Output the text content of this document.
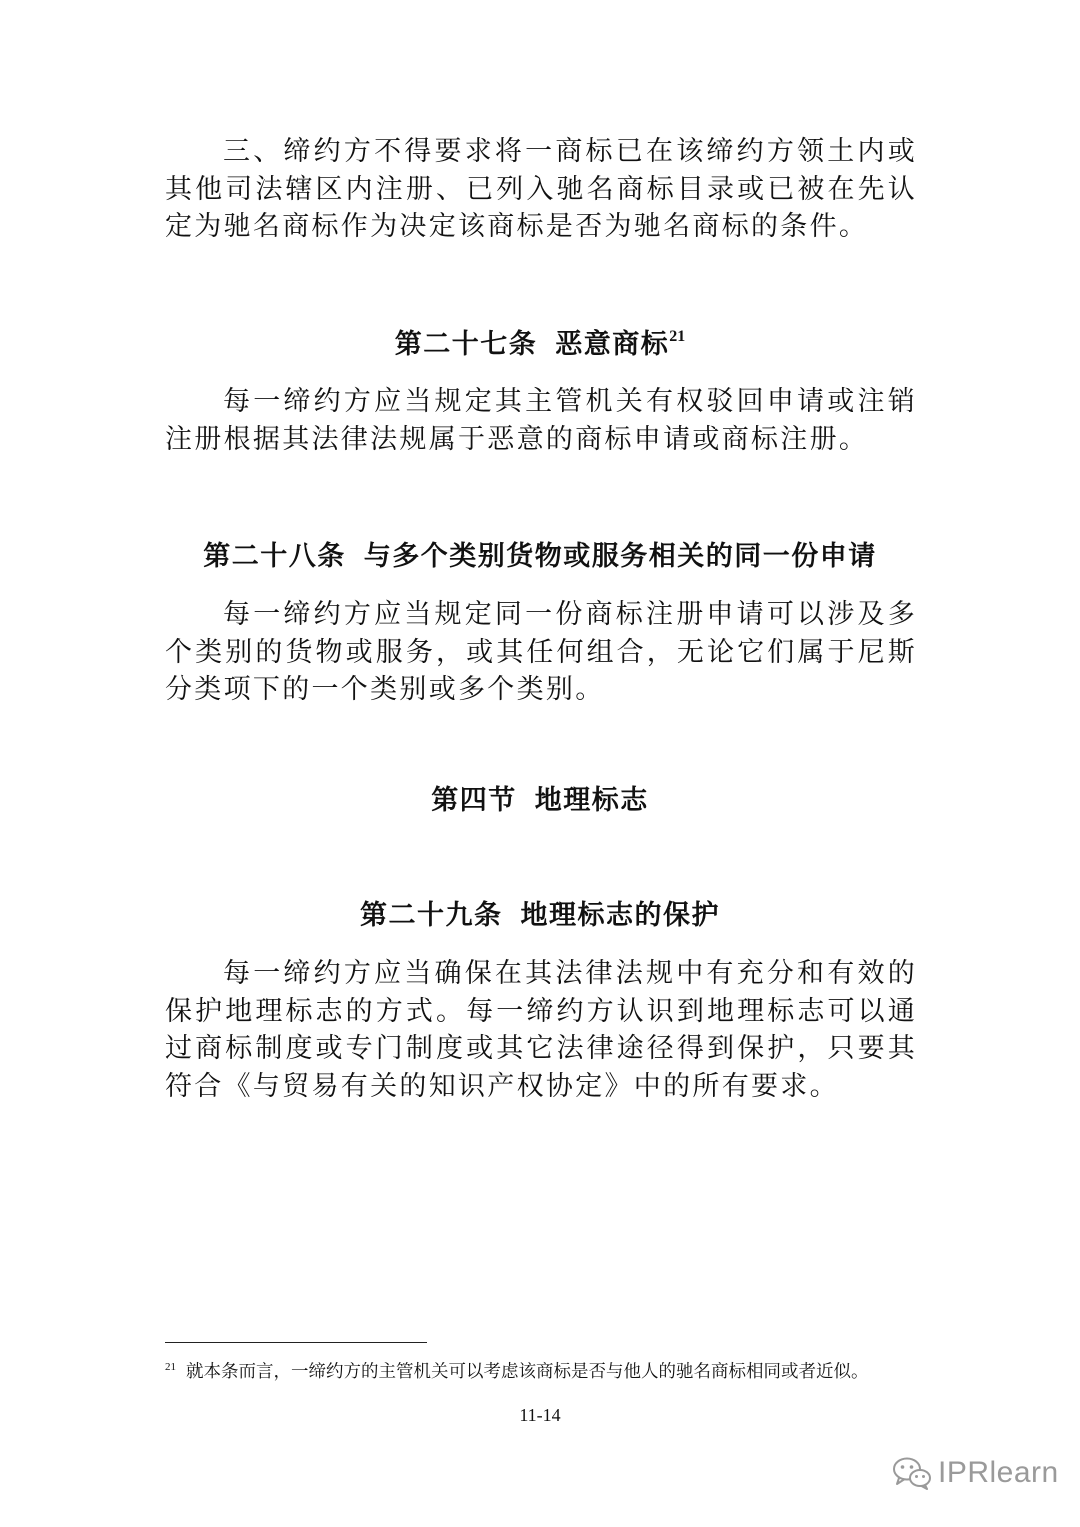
三、缔约方不得要求将一商标已在该缔约方领土内或其他司法辖区内注册、已列入驰名商标目录或已被在先认定为驰名商标作为决定该商标是否为驰名商标的条件。

第二十七条 恶意商标$^{21}$

每一缔约方应当规定其主管机关有权驳回申请或注销注册根据其法律法规属于恶意的商标申请或商标注册。

第二十八条 与多个类别货物或服务相关的同一份申请

每一缔约方应当规定同一份商标注册申请可以涉及多个类别的货物或服务，或其任何组合，无论它们属于尼斯分类项下的一个类别或多个类别。

第四节 地理标志
第二十九条 地理标志的保护

每一缔约方应当确保在其法律法规中有充分和有效的保护地理标志的方式。每一缔约方认识到地理标志可以通过商标制度或专门制度或其它法律途径得到保护，只要其符合《与贸易有关的知识产权协定》中的所有要求。

$^{21}$ 就本条而言，一缔约方的主管机关可以考虑该商标是否与他人的驰名商标相同或者近似。
11-14
IPRlearn
